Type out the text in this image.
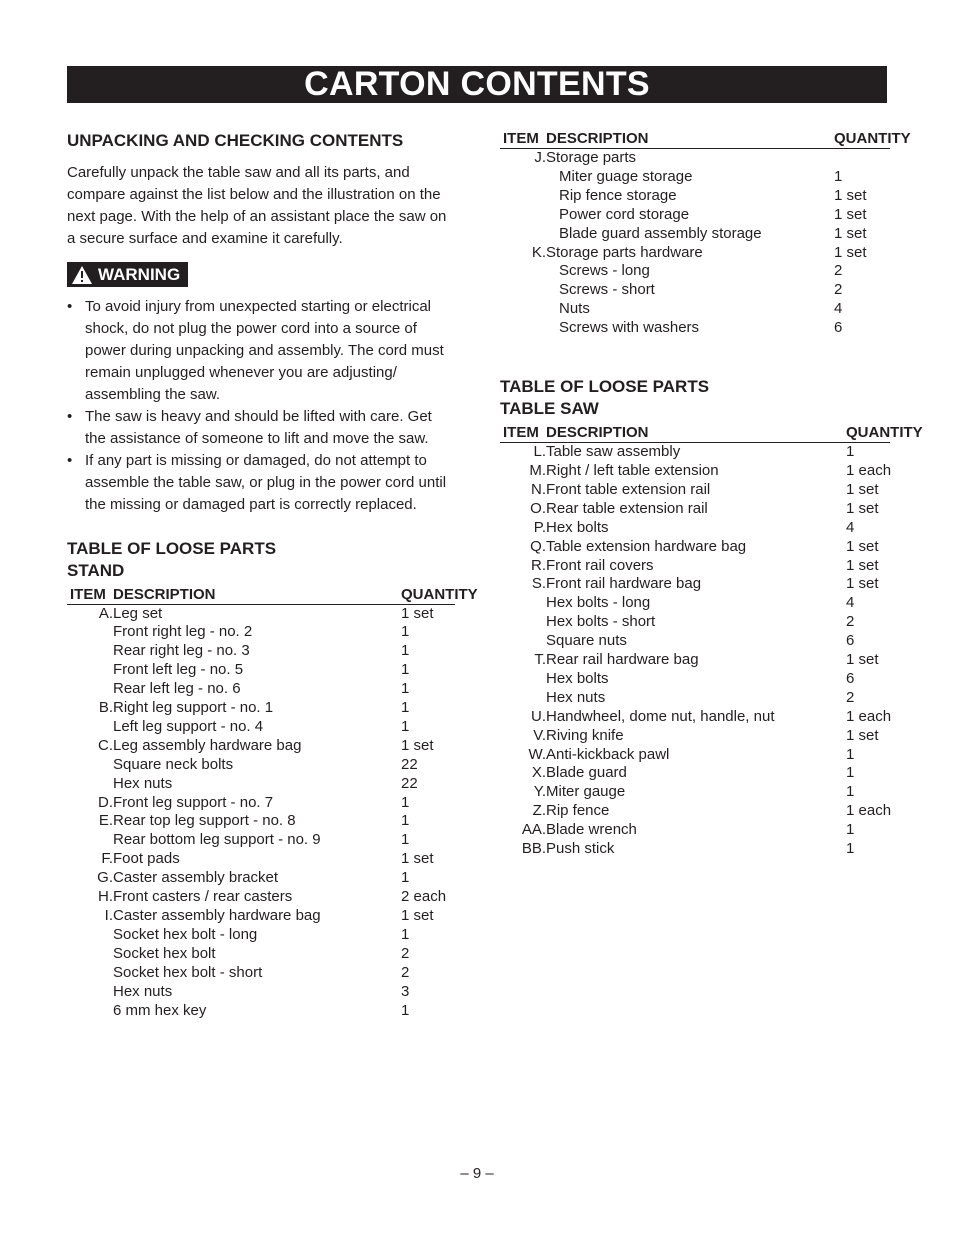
CARTON CONTENTS
UNPACKING AND CHECKING CONTENTS

Carefully unpack the table saw and all its parts, and compare against the list below and the illustration on the next page. With the help of an assistant place the saw on a secure surface and examine it carefully.

WARNING
• To avoid injury from unexpected starting or electrical shock, do not plug the power cord into a source of power during unpacking and assembly. The cord must remain unplugged whenever you are adjusting/ assembling the saw.
• The saw is heavy and should be lifted with care. Get the assistance of someone to lift and move the saw.
• If any part is missing or damaged, do not attempt to assemble the table saw, or plug in the power cord until the missing or damaged part is correctly replaced.
TABLE OF LOOSE PARTS
STAND
ITEM	DESCRIPTION	QUANTITY
A.	Leg set	1 set
	Front right leg - no. 2	1
	Rear right leg - no. 3	1
	Front left leg - no. 5	1
	Rear left leg - no. 6	1
B.	Right leg support - no. 1	1
	Left leg support - no. 4	1
C.	Leg assembly hardware bag	1 set
	Square neck bolts	22
	Hex nuts	22
D.	Front leg support - no. 7	1
E.	Rear top leg support - no. 8	1
	Rear bottom leg support - no. 9	1
F.	Foot pads	1 set
G.	Caster assembly bracket	1
H.	Front casters / rear casters	2 each
I.	Caster assembly hardware bag	1 set
	Socket hex bolt - long	1
	Socket hex bolt	2
	Socket hex bolt - short	2
	Hex nuts	3
	6 mm hex key	1
ITEM	DESCRIPTION	QUANTITY
J.	Storage parts	
	Miter guage storage	1
	Rip fence storage	1 set
	Power cord storage	1 set
	Blade guard assembly storage	1 set
K.	Storage parts hardware	1 set
	Screws - long	2
	Screws - short	2
	Nuts	4
	Screws with washers	6
TABLE OF LOOSE PARTS
TABLE SAW
ITEM	DESCRIPTION	QUANTITY
L.	Table saw assembly	1
M.	Right / left table extension	1 each
N.	Front table extension rail	1 set
O.	Rear table extension rail	1 set
P.	Hex bolts	4
Q.	Table extension hardware bag	1 set
R.	Front rail covers	1 set
S.	Front rail hardware bag	1 set
	Hex bolts - long	4
	Hex bolts - short	2
	Square nuts	6
T.	Rear rail hardware bag	1 set
	Hex bolts	6
	Hex nuts	2
U.	Handwheel, dome nut, handle, nut	1 each
V.	Riving knife	1 set
W.	Anti-kickback pawl	1
X.	Blade guard	1
Y.	Miter gauge	1
Z.	Rip fence	1 each
AA.	Blade wrench	1
BB.	Push stick	1
– 9 –
